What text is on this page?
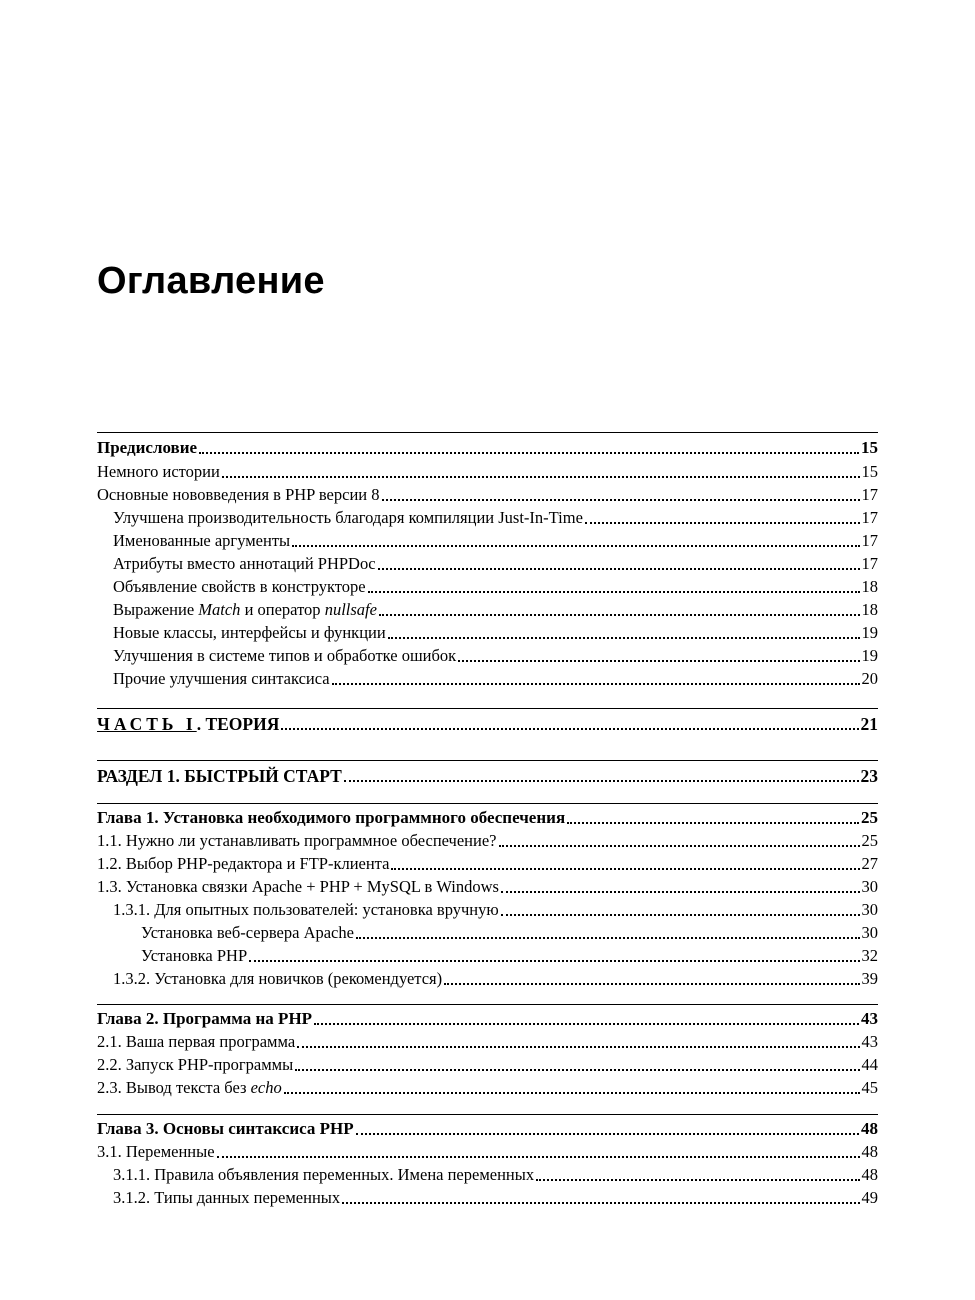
Оглавление
Предисловие	15
Немного истории	15
Основные нововведения в PHP версии 8	17
Улучшена производительность благодаря компиляции Just-In-Time	17
Именованные аргументы	17
Атрибуты вместо аннотаций PHPDoc	17
Объявление свойств в конструкторе	18
Выражение Match и оператор nullsafe	18
Новые классы, интерфейсы и функции	19
Улучшения в системе типов и обработке ошибок	19
Прочие улучшения синтаксиса	20
ЧАСТЬ I. ТЕОРИЯ	21
РАЗДЕЛ 1. БЫСТРЫЙ СТАРТ	23
Глава 1. Установка необходимого программного обеспечения	25
1.1. Нужно ли устанавливать программное обеспечение?	25
1.2. Выбор PHP-редактора и FTP-клиента	27
1.3. Установка связки Apache + PHP + MySQL в Windows	30
1.3.1. Для опытных пользователей: установка вручную	30
Установка веб-сервера Apache	30
Установка PHP	32
1.3.2. Установка для новичков (рекомендуется)	39
Глава 2. Программа на PHP	43
2.1. Ваша первая программа	43
2.2. Запуск PHP-программы	44
2.3. Вывод текста без echo	45
Глава 3. Основы синтаксиса PHP	48
3.1. Переменные	48
3.1.1. Правила объявления переменных. Имена переменных	48
3.1.2. Типы данных переменных	49
